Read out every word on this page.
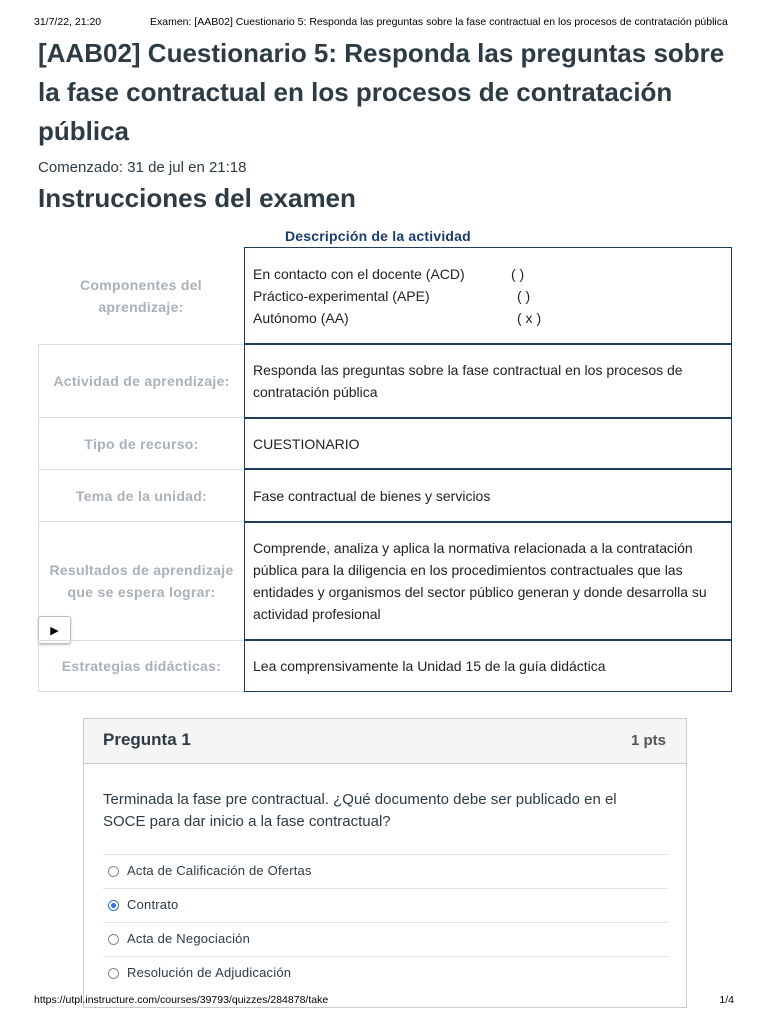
31/7/22, 21:20	Examen: [AAB02] Cuestionario 5: Responda las preguntas sobre la fase contractual en los procesos de contratación pública
[AAB02] Cuestionario 5: Responda las preguntas sobre la fase contractual en los procesos de contratación pública
Comenzado: 31 de jul en 21:18
Instrucciones del examen
Descripción de la actividad
Componentes del aprendizaje:
En contacto con el docente (ACD)	( )
Práctico-experimental (APE)	( )
Autónomo (AA)	( x )
Actividad de aprendizaje:
Responda las preguntas sobre la fase contractual en los procesos de contratación pública
Tipo de recurso:	CUESTIONARIO
Tema de la unidad:	Fase contractual de bienes y servicios
Resultados de aprendizaje que se espera lograr:
Comprende, analiza y aplica la normativa relacionada a la contratación pública para la diligencia en los procedimientos contractuales que las entidades y organismos del sector público generan y donde desarrolla su actividad profesional
▶
Estrategias didácticas:	Lea comprensivamente la Unidad 15 de la guía didáctica
Pregunta 1	1 pts
Terminada la fase pre contractual. ¿Qué documento debe ser publicado en el SOCE para dar inicio a la fase contractual?
Acta de Calificación de Ofertas
Contrato
Acta de Negociación
Resolución de Adjudicación
https://utpl.instructure.com/courses/39793/quizzes/284878/take	1/4
